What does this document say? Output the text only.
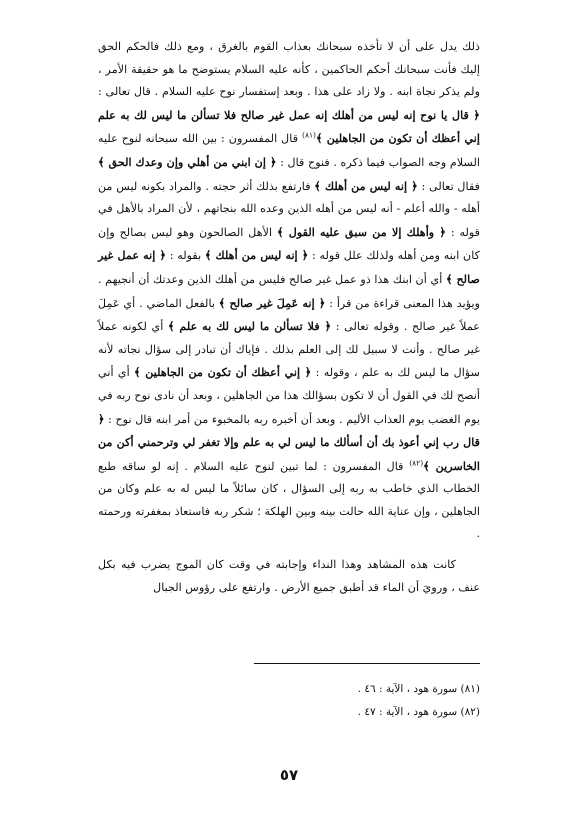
ذلك يدل على أن لا تأخذه سبحانك بعذاب القوم بالغرق ، ومع ذلك فالحكم الحق إليك فأنت سبحانك أحكم الحاكمين ، كأنه عليه السلام يستوضح ما هو حقيقة الأمر ، ولم يذكر نجاة ابنه . ولا زاد على هذا . وبعد إستفسار نوح عليه السلام . قال تعالى : ﴿ قال يا نوح إنه ليس من أهلك إنه عمل غير صالح فلا تسألن ما ليس لك به علم إني أعظك أن تكون من الجاهلين ﴾$^{(٨١)}$ قال المفسرون : بين الله سبحانه لنوح عليه السلام وجه الصواب فيما ذكره . فنوح قال : ﴿ إن ابني من أهلي وإن وعدك الحق ﴾ فقال تعالى : ﴿ إنه ليس من أهلك ﴾ فارتفع بذلك أثر حجته . والمراد بكونه ليس من أهله - والله أعلم - أنه ليس من أهله الذين وعده الله بنجاتهم ، لأن المراد بالأهل في قوله : ﴿ وأهلك إلا من سبق عليه القول ﴾ الأهل الصالحون وهو ليس بصالح وإن كان ابنه ومن أهله ولذلك علل قوله : ﴿ إنه ليس من أهلك ﴾ بقوله : ﴿ إنه عمل غير صالح ﴾ أي أن ابنك هذا ذو عمل غير صالح فليس من أهلك الذين وعدتك أن أنجيهم . ويؤيد هذا المعنى قراءة من قرأ : ﴿ إنه عَمِلَ غير صالح ﴾ بالفعل الماضي . أي عَمِلَ عملاً غير صالح . وقوله تعالى : ﴿ فلا تسألن ما ليس لك به علم ﴾ أي لكونه عملاً غير صالح . وأنت لا سبيل لك إلى العلم بذلك . فإياك أن تبادر إلى سؤال نجاته لأنه سؤال ما ليس لك به علم ، وقوله : ﴿ إني أعظك أن تكون من الجاهلين ﴾ أي أني أنصح لك في القول أن لا تكون بسؤالك هذا من الجاهلين ، وبعد أن نادى نوح ربه في يوم الغضب يوم العذاب الأليم . وبعد أن أخبره ربه بالمخبوء من أمر ابنه قال نوح : ﴿ قال رب إني أعوذ بك أن أسألك ما ليس لي به علم وإلا تغفر لي وترحمني أكن من الخاسرين ﴾$^{(٨٢)}$ قال المفسرون : لما تبين لنوح عليه السلام . إنه لو ساقه طبع الخطاب الذي خاطب به ربه إلى السؤال ، كان سائلاً ما ليس له به علم وكان من الجاهلين ، وإن عناية الله حالت بينه وبين الهلكة ؛ شكر ربه فاستعاذ بمغفرته ورحمته .

كانت هذه المشاهد وهذا النداء وإجابته في وقت كان الموج يضرب فيه بكل عنف ، ورويَ أن الماء قد أطبق جميع الأرض . وارتفع على رؤوس الجبال

(٨١) سورة هود ، الآية : ٤٦ .

(٨٢) سورة هود ، الآية : ٤٧ .

٥٧
